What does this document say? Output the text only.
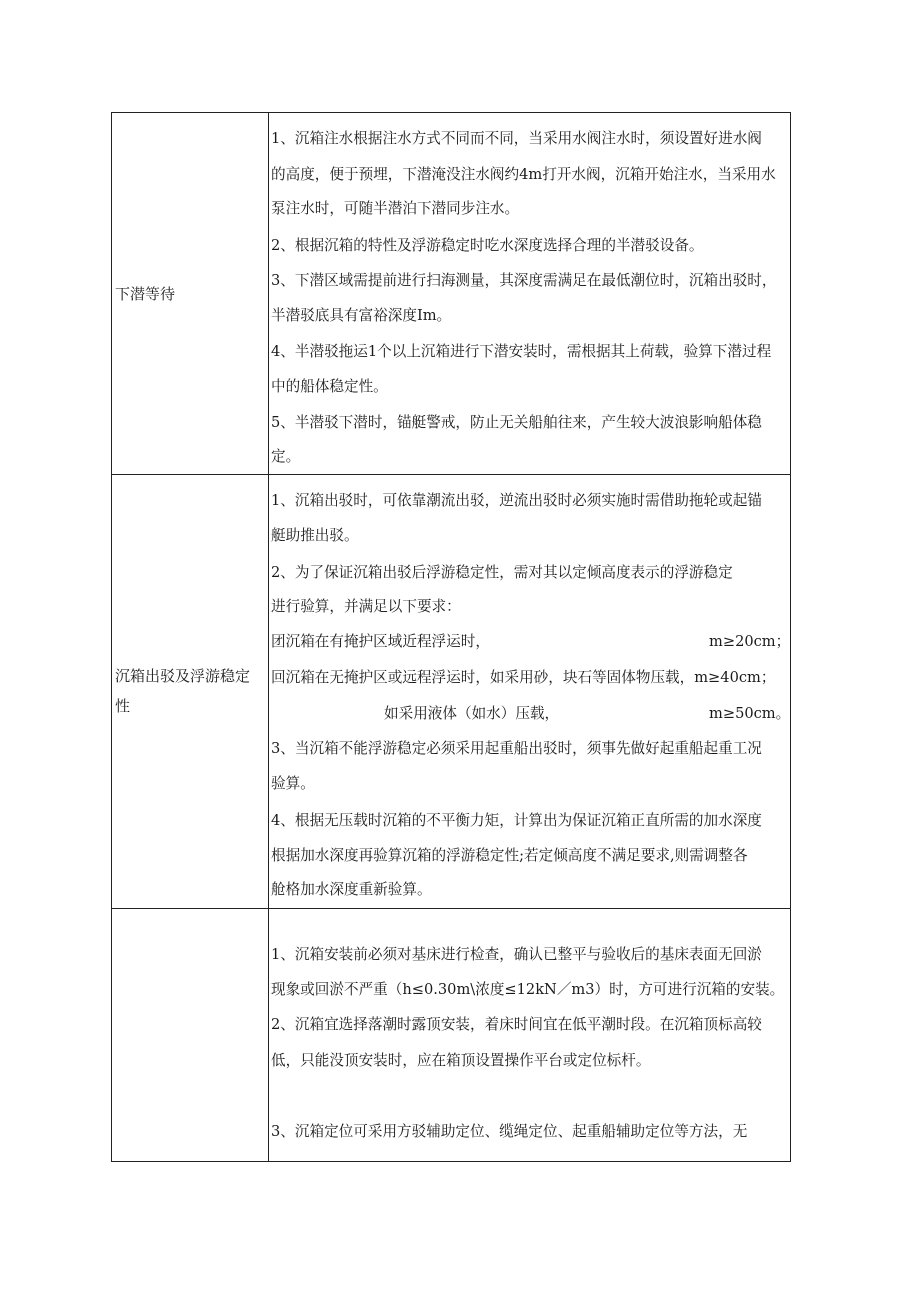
下潜等待
1、沉箱注水根据注水方式不同而不同，当采用水阀注水时，须设置好进水阀
的高度，便于预埋，下潜淹没注水阀约4m打开水阀，沉箱开始注水，当采用水
泵注水时，可随半潜泊下潜同步注水。
2、根据沉箱的特性及浮游稳定时吃水深度选择合理的半潜驳设备。
3、下潜区域需提前进行扫海测量，其深度需满足在最低潮位时，沉箱出驳时，
半潜驳底具有富裕深度Im。
4、半潜驳拖运1个以上沉箱进行下潜安装时，需根据其上荷载，验算下潜过程
中的船体稳定性。
5、半潜驳下潜时，锚艇警戒，防止无关船舶往来，产生较大波浪影响船体稳
定。
沉箱出驳及浮游稳定
性
1、沉箱出驳时，可依靠潮流出驳，逆流出驳时必须实施时需借助拖轮或起锚
艇助推出驳。
2、为了保证沉箱出驳后浮游稳定性，需对其以定倾高度表示的浮游稳定
进行验算，并满足以下要求：
团沉箱在有掩护区域近程浮运时，	m≥20cm；
回沉箱在无掩护区或远程浮运时，如采用砂，块石等固体物压载，m≥40cm；
如采用液体（如水）压载，	m≥50cm。
3、当沉箱不能浮游稳定必须采用起重船出驳时，须事先做好起重船起重工况
验算。
4、根据无压载时沉箱的不平衡力矩，计算出为保证沉箱正直所需的加水深度
根据加水深度再验算沉箱的浮游稳定性;若定倾高度不满足要求,则需调整各
舱格加水深度重新验算。
1、沉箱安装前必须对基床进行检查，确认已整平与验收后的基床表面无回淤
现象或回淤不严重（h≤0.30m\浓度≤12kN／m3）时，方可进行沉箱的安装。
2、沉箱宜选择落潮时露顶安装，着床时间宜在低平潮时段。在沉箱顶标高较
低，只能没顶安装时，应在箱顶设置操作平台或定位标杆。
3、沉箱定位可采用方驳辅助定位、缆绳定位、起重船辅助定位等方法，无
